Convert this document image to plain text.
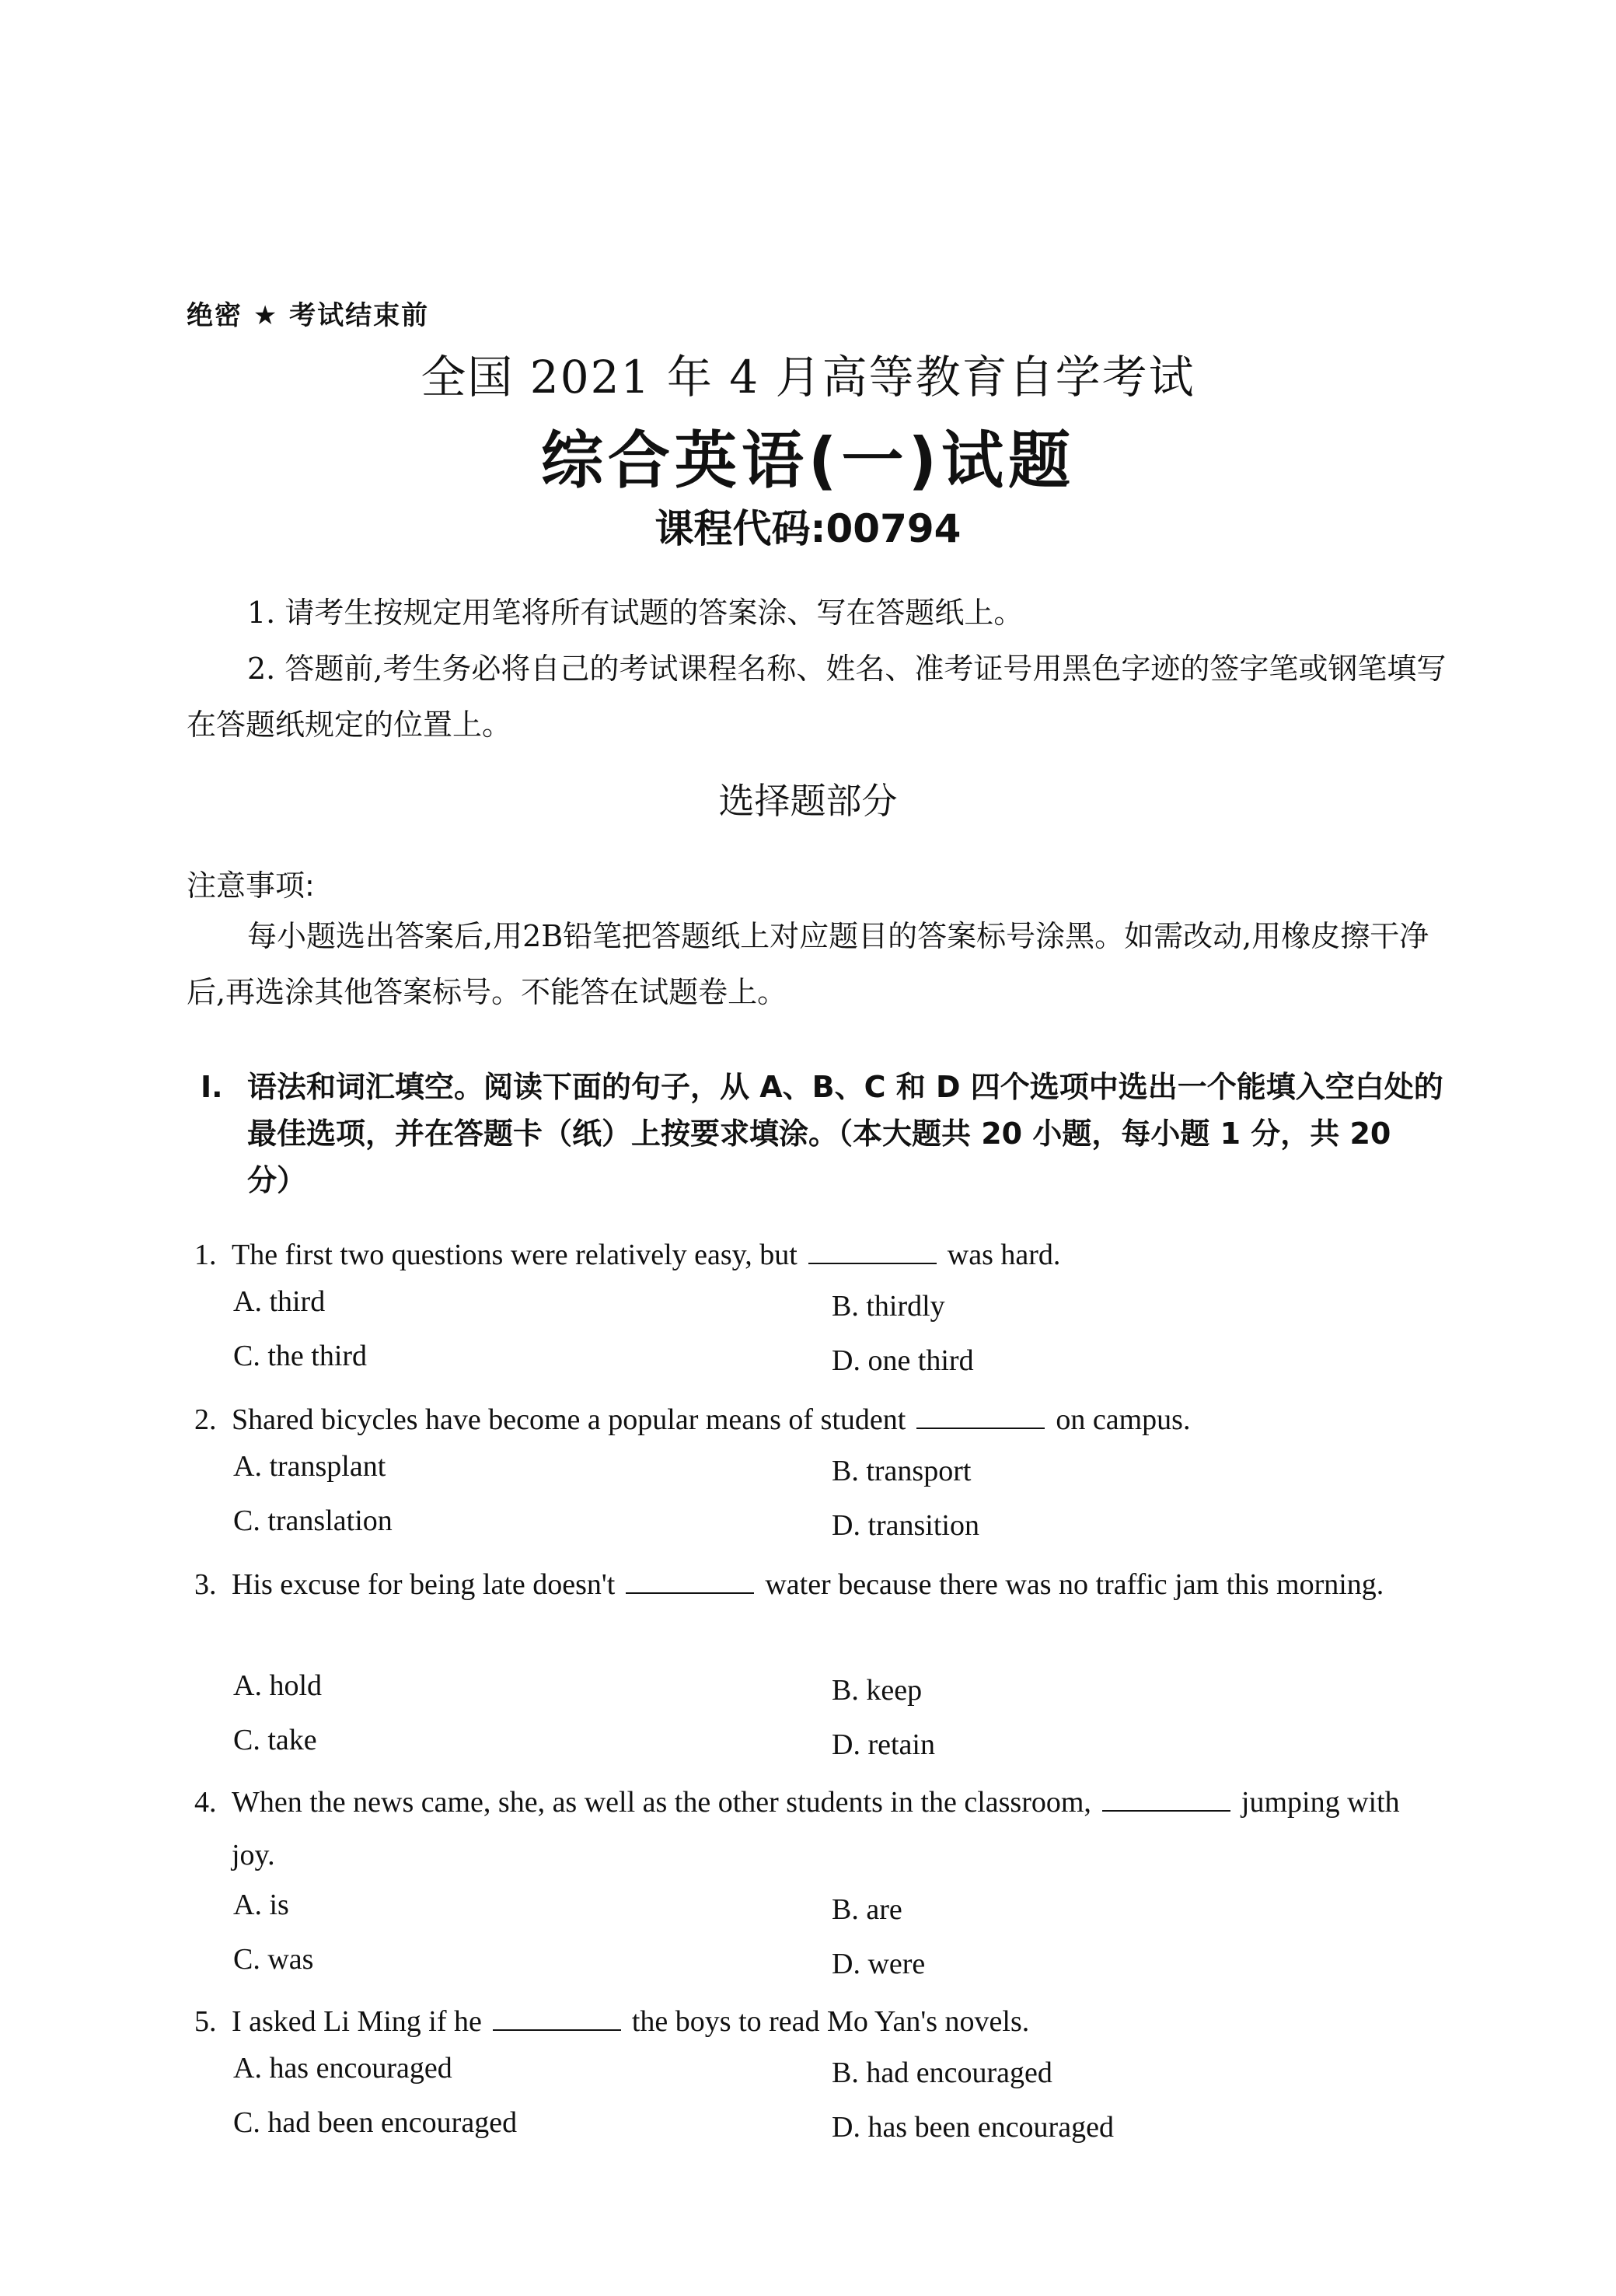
绝密 ★ 考试结束前
全国 2021 年 4 月高等教育自学考试
综合英语(一)试题
课程代码:00794
1. 请考生按规定用笔将所有试题的答案涂、写在答题纸上。
2. 答题前,考生务必将自己的考试课程名称、姓名、准考证号用黑色字迹的签字笔或钢笔填写在答题纸规定的位置上。
选择题部分
注意事项:
每小题选出答案后,用2B铅笔把答题纸上对应题目的答案标号涂黑。如需改动,用橡皮擦干净后,再选涂其他答案标号。不能答在试题卷上。
I. 语法和词汇填空。阅读下面的句子，从 A、B、C 和 D 四个选项中选出一个能填入空白处的最佳选项，并在答题卡（纸）上按要求填涂。（本大题共 20 小题，每小题 1 分，共 20 分）
1. The first two questions were relatively easy, but	was hard.
A. third	B. thirdly
C. the third	D. one third
2. Shared bicycles have become a popular means of student	on campus.
A. transplant	B. transport
C. translation	D. transition
3. His excuse for being late doesn't	water because there was no traffic jam this morning.
A. hold	B. keep
C. take	D. retain
4. When the news came, she, as well as the other students in the classroom,	jumping with joy.
A. is	B. are
C. was	D. were
5. I asked Li Ming if he	the boys to read Mo Yan's novels.
A. has encouraged	B. had encouraged
C. had been encouraged	D. has been encouraged
